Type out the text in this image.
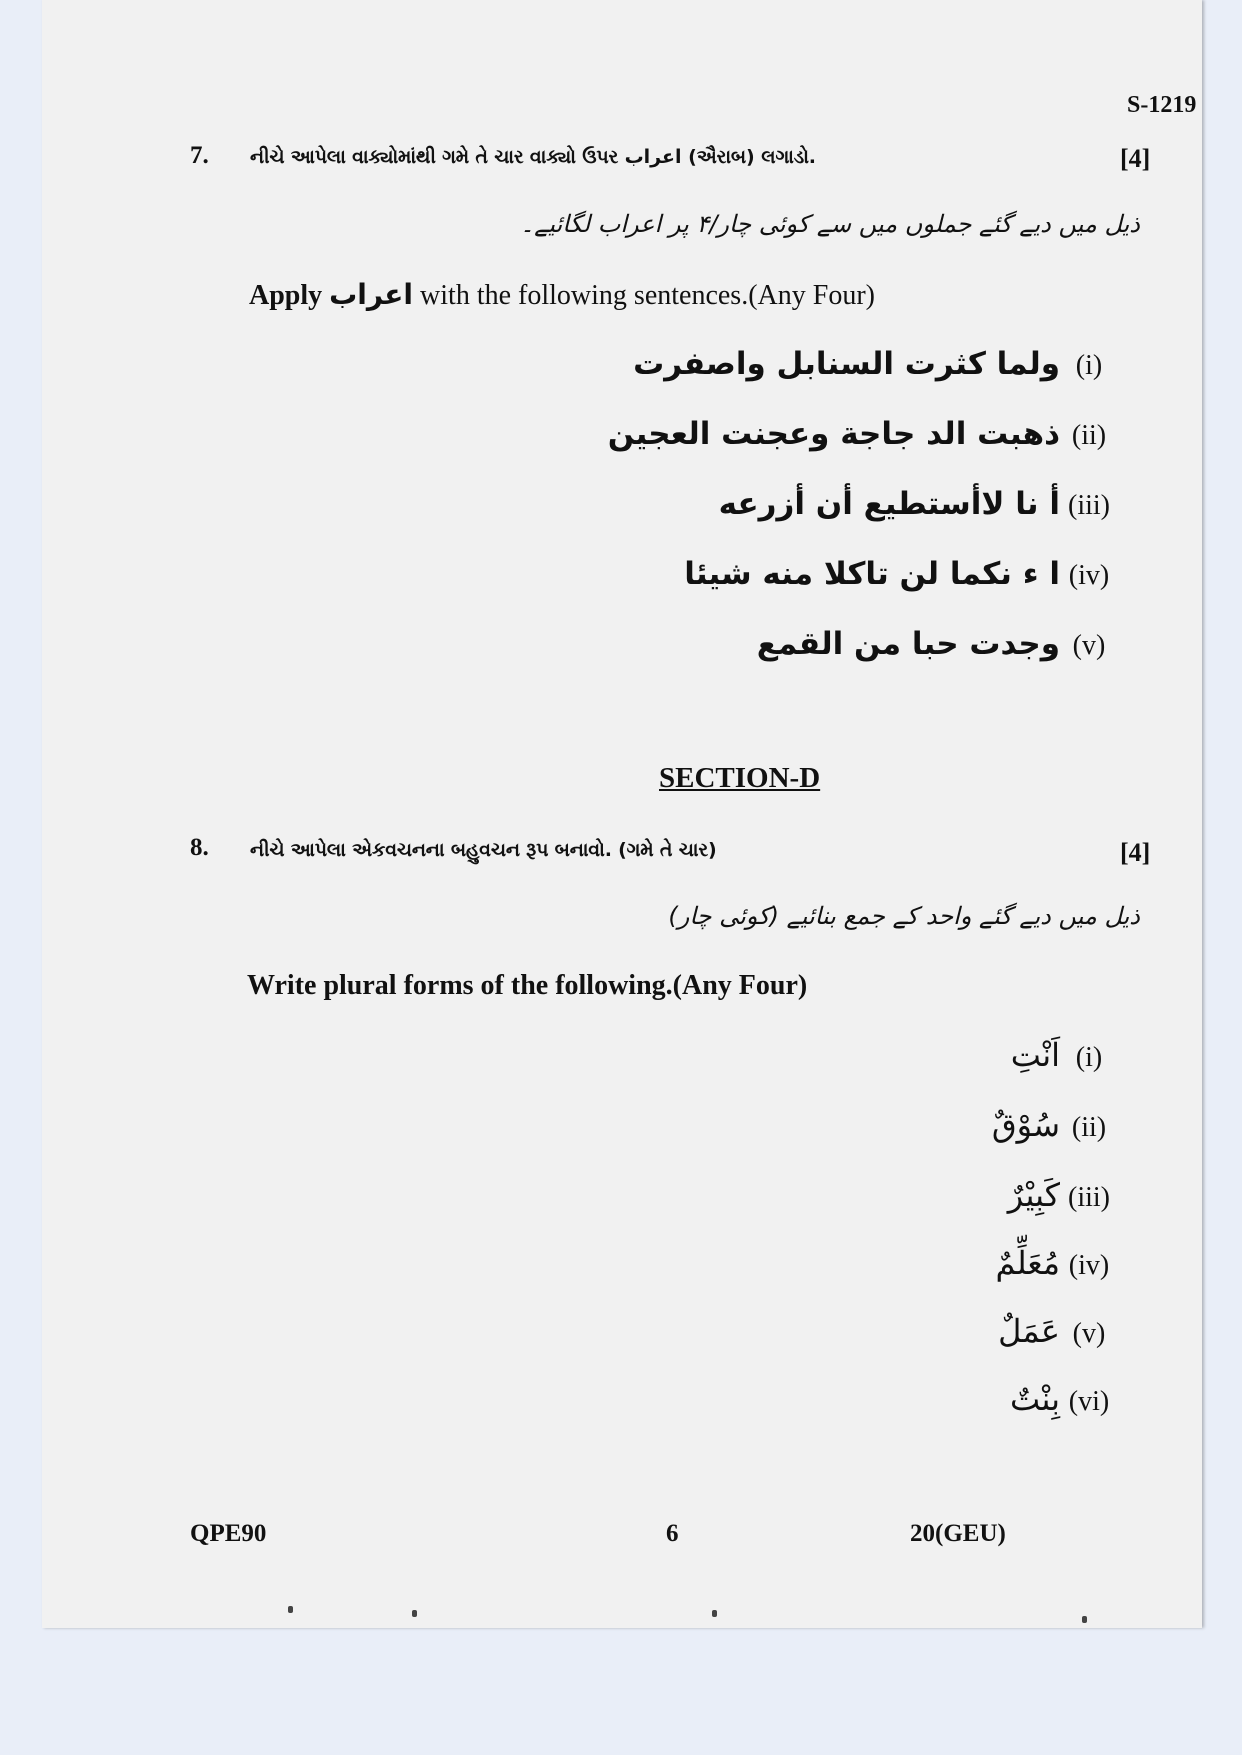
S-1219
7. નીચે આપેલા વાક્યોમાંથી ગમે તે ચાર વાક્યો ઉપર اعراب (ઐરાબ) લગાડો.	[4]
ذیل میں دیے گئے جملوں میں سے کوئی چار/۴ پر اعراب لگائیے۔
Apply اعراب with the following sentences.(Any Four)
(i)
ولما كثرت السنابل واصفرت
(ii)
ذهبت الد جاجة وعجنت العجين
(iii)
أ نا لاأستطيع أن أزرعه
(iv)
ا ء نكما لن تاكلا منه شيئا
(v)
وجدت حبا من القمع
SECTION-D
8. નીચે આપેલા એકવચનના બહુવચન રૂપ બનાવો. (ગમે તે ચાર)	[4]
ذیل میں دیے گئے واحد کے جمع بنائیے (کوئی چار)
Write plural forms of the following.(Any Four)
(i)
اَنْتِ
(ii)
سُوْقٌ
(iii)
كَبِيْرٌ
(iv)
مُعَلِّمٌ
(v)
عَمَلٌ
(vi)
بِنْتٌ
QPE90	6	20(GEU)
